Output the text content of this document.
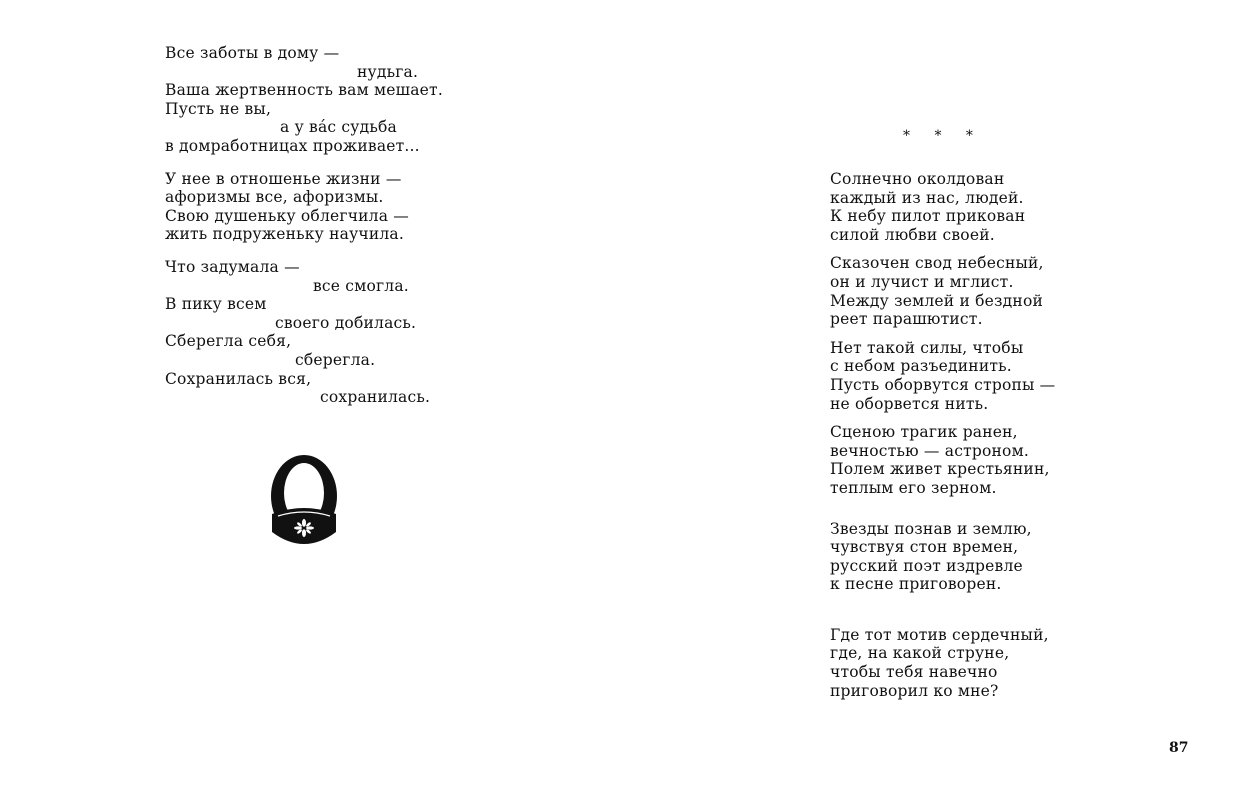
Все заботы в дому —
нудьга.
Ваша жертвенность вам мешает.
Пусть не вы,
а у ва́с судьба
в домработницах проживает...
У нее в отношенье жизни —
афоризмы все, афоризмы.
Свою душеньку облегчила —
жить подруженьку научила.
Что задумала —
все смогла.
В пику всем
своего добилась.
Сберегла себя,
сберегла.
Сохранилась вся,
сохранилась.
* * *
Солнечно околдован
каждый из нас, людей.
К небу пилот прикован
силой любви своей.
Сказочен свод небесный,
он и лучист и мглист.
Между землей и бездной
реет парашютист.
Нет такой силы, чтобы
с небом разъединить.
Пусть оборвутся стропы —
не оборвется нить.
Сценою трагик ранен,
вечностью — астроном.
Полем живет крестьянин,
теплым его зерном.
Звезды познав и землю,
чувствуя стон времен,
русский поэт издревле
к песне приговорен.
Где тот мотив сердечный,
где, на какой струне,
чтобы тебя навечно
приговорил ко мне?
87
